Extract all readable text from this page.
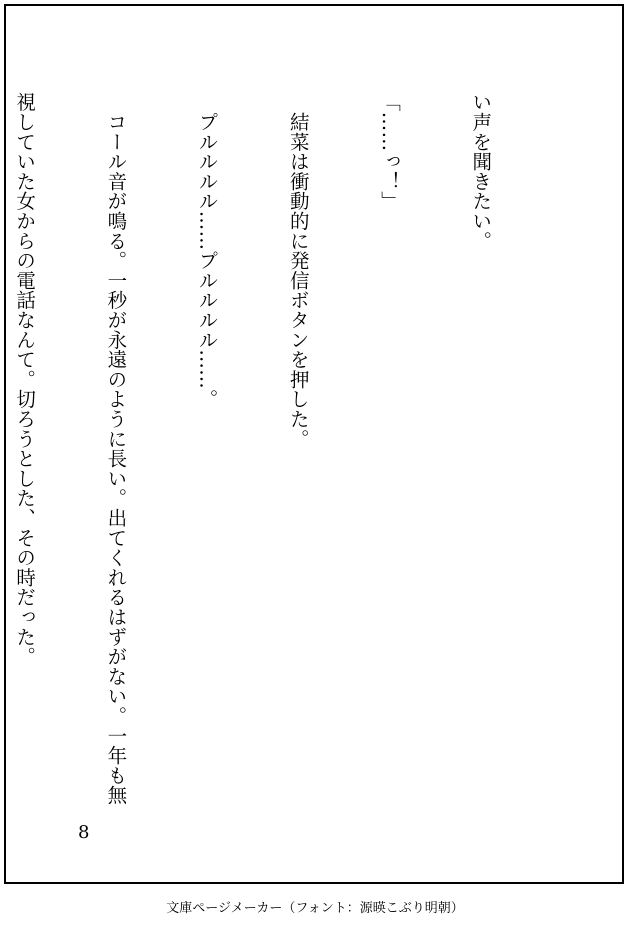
い声を聞きたい。

「……っ！」

　結菜は衝動的に発信ボタンを押した。

　プルルルル……プルルルル……。

　コール音が鳴る。一秒が永遠のように長い。出てくれるはずがない。一年も無

視していた女からの電話なんて。切ろうとした、その時だった。

8
文庫ページメーカー（フォント：源暎こぶり明朝）
